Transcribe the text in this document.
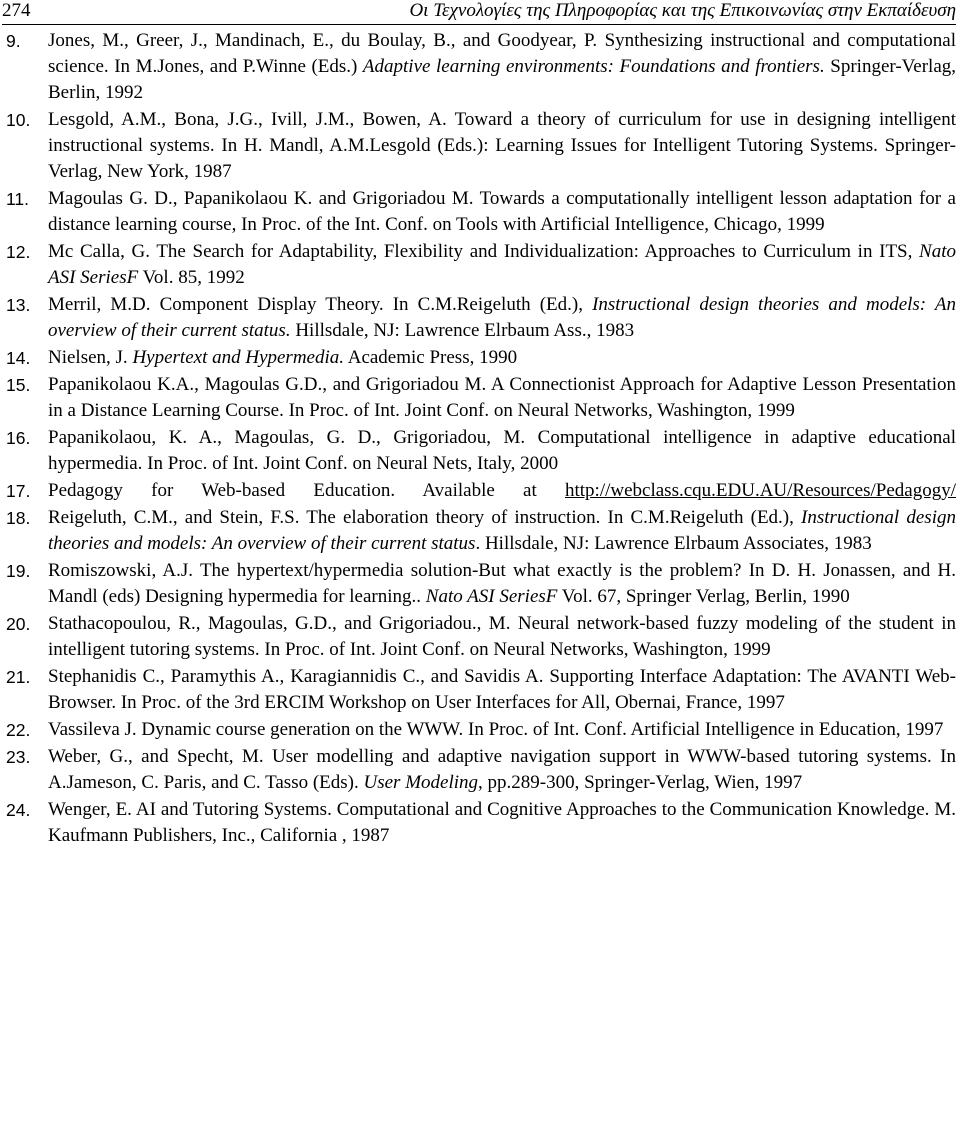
274	Οι Τεχνολογίες της Πληροφορίας και της Επικοινωνίας στην Εκπαίδευση
9. Jones, M., Greer, J., Mandinach, E., du Boulay, B., and Goodyear, P. Synthesizing instructional and computational science. In M.Jones, and P.Winne (Eds.) Adaptive learning environments: Foundations and frontiers. Springer-Verlag, Berlin, 1992
10. Lesgold, A.M., Bona, J.G., Ivill, J.M., Bowen, A. Toward a theory of curriculum for use in designing intelligent instructional systems. In H. Mandl, A.M.Lesgold (Eds.): Learning Issues for Intelligent Tutoring Systems. Springer-Verlag, New York, 1987
11. Magoulas G. D., Papanikolaou K. and Grigoriadou M. Towards a computationally intelligent lesson adaptation for a distance learning course, In Proc. of the Int. Conf. on Tools with Artificial Intelligence, Chicago, 1999
12. Mc Calla, G. The Search for Adaptability, Flexibility and Individualization: Approaches to Curriculum in ITS, Nato ASI SeriesF Vol. 85, 1992
13. Merril, M.D. Component Display Theory. In C.M.Reigeluth (Ed.), Instructional design theories and models: An overview of their current status. Hillsdale, NJ: Lawrence Elrbaum Ass., 1983
14. Nielsen, J. Hypertext and Hypermedia. Academic Press, 1990
15. Papanikolaou K.A., Magoulas G.D., and Grigoriadou M. A Connectionist Approach for Adaptive Lesson Presentation in a Distance Learning Course. In Proc. of Int. Joint Conf. on Neural Networks, Washington, 1999
16. Papanikolaou, K. A., Magoulas, G. D., Grigoriadou, M. Computational intelligence in adaptive educational hypermedia. In Proc. of Int. Joint Conf. on Neural Nets, Italy, 2000
17. Pedagogy for Web-based Education. Available at http://webclass.cqu.EDU.AU/Resources/Pedagogy/
18. Reigeluth, C.M., and Stein, F.S. The elaboration theory of instruction. In C.M.Reigeluth (Ed.), Instructional design theories and models: An overview of their current status. Hillsdale, NJ: Lawrence Elrbaum Associates, 1983
19. Romiszowski, A.J. The hypertext/hypermedia solution-But what exactly is the problem? In D. H. Jonassen, and H. Mandl (eds) Designing hypermedia for learning.. Nato ASI SeriesF Vol. 67, Springer Verlag, Berlin, 1990
20. Stathacopoulou, R., Magoulas, G.D., and Grigoriadou., M. Neural network-based fuzzy modeling of the student in intelligent tutoring systems. In Proc. of Int. Joint Conf. on Neural Networks, Washington, 1999
21. Stephanidis C., Paramythis A., Karagiannidis C., and Savidis A. Supporting Interface Adaptation: The AVANTI Web-Browser. In Proc. of the 3rd ERCIM Workshop on User Interfaces for All, Obernai, France, 1997
22. Vassileva J. Dynamic course generation on the WWW. In Proc. of Int. Conf. Artificial Intelligence in Education, 1997
23. Weber, G., and Specht, M. User modelling and adaptive navigation support in WWW-based tutoring systems. In A.Jameson, C. Paris, and C. Tasso (Eds). User Modeling, pp.289-300, Springer-Verlag, Wien, 1997
24. Wenger, E. AI and Tutoring Systems. Computational and Cognitive Approaches to the Communication Knowledge. M. Kaufmann Publishers, Inc., California , 1987
